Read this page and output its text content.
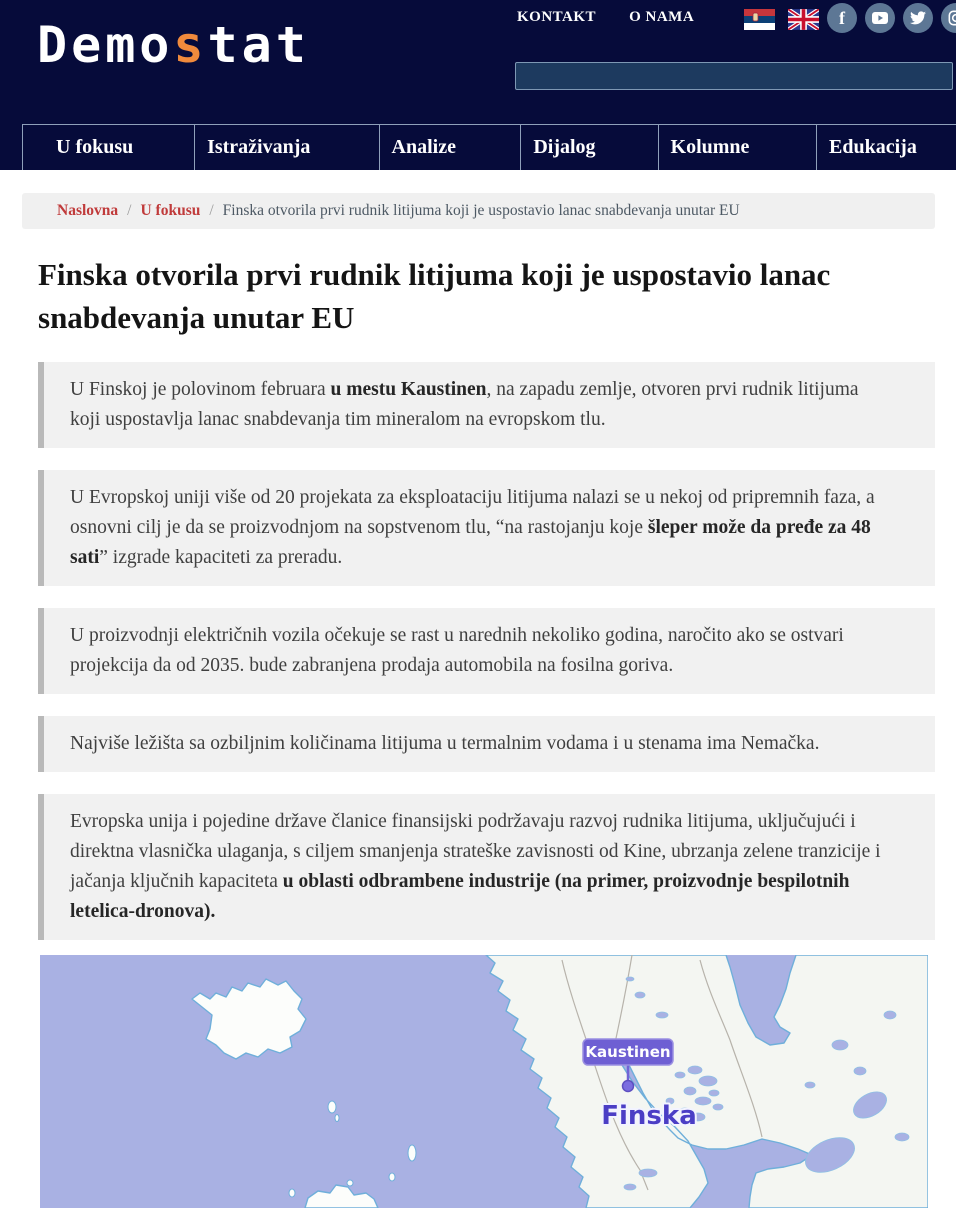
Demostat	KONTAKT O NAMA	f
U fokusu	Istraživanja	Analize	Dijalog	Kolumne	Edukacija
Naslovna / U fokusu / Finska otvorila prvi rudnik litijuma koji je uspostavio lanac snabdevanja unutar EU
Finska otvorila prvi rudnik litijuma koji je uspostavio lanac snabdevanja unutar EU
U Finskoj je polovinom februara u mestu Kaustinen, na zapadu zemlje, otvoren prvi rudnik litijuma koji uspostavlja lanac snabdevanja tim mineralom na evropskom tlu.
U Evropskoj uniji više od 20 projekata za eksploataciju litijuma nalazi se u nekoj od pripremnih faza, a osnovni cilj je da se proizvodnjom na sopstvenom tlu, “na rastojanju koje šleper može da pređe za 48 sati” izgrade kapaciteti za preradu.
U proizvodnji električnih vozila očekuje se rast u narednih nekoliko godina, naročito ako se ostvari projekcija da od 2035. bude zabranjena prodaja automobila na fosilna goriva.
Najviše ležišta sa ozbiljnim količinama litijuma u termalnim vodama i u stenama ima Nemačka.
Evropska unija i pojedine države članice finansijski podržavaju razvoj rudnika litijuma, uključujući i direktna vlasnička ulaganja, s ciljem smanjenja strateške zavisnosti od Kine, ubrzanja zelene tranzicije i jačanja ključnih kapaciteta u oblasti odbrambene industrije (na primer, proizvodnje bespilotnih letelica-dronova).
Kaustinen
Finska
